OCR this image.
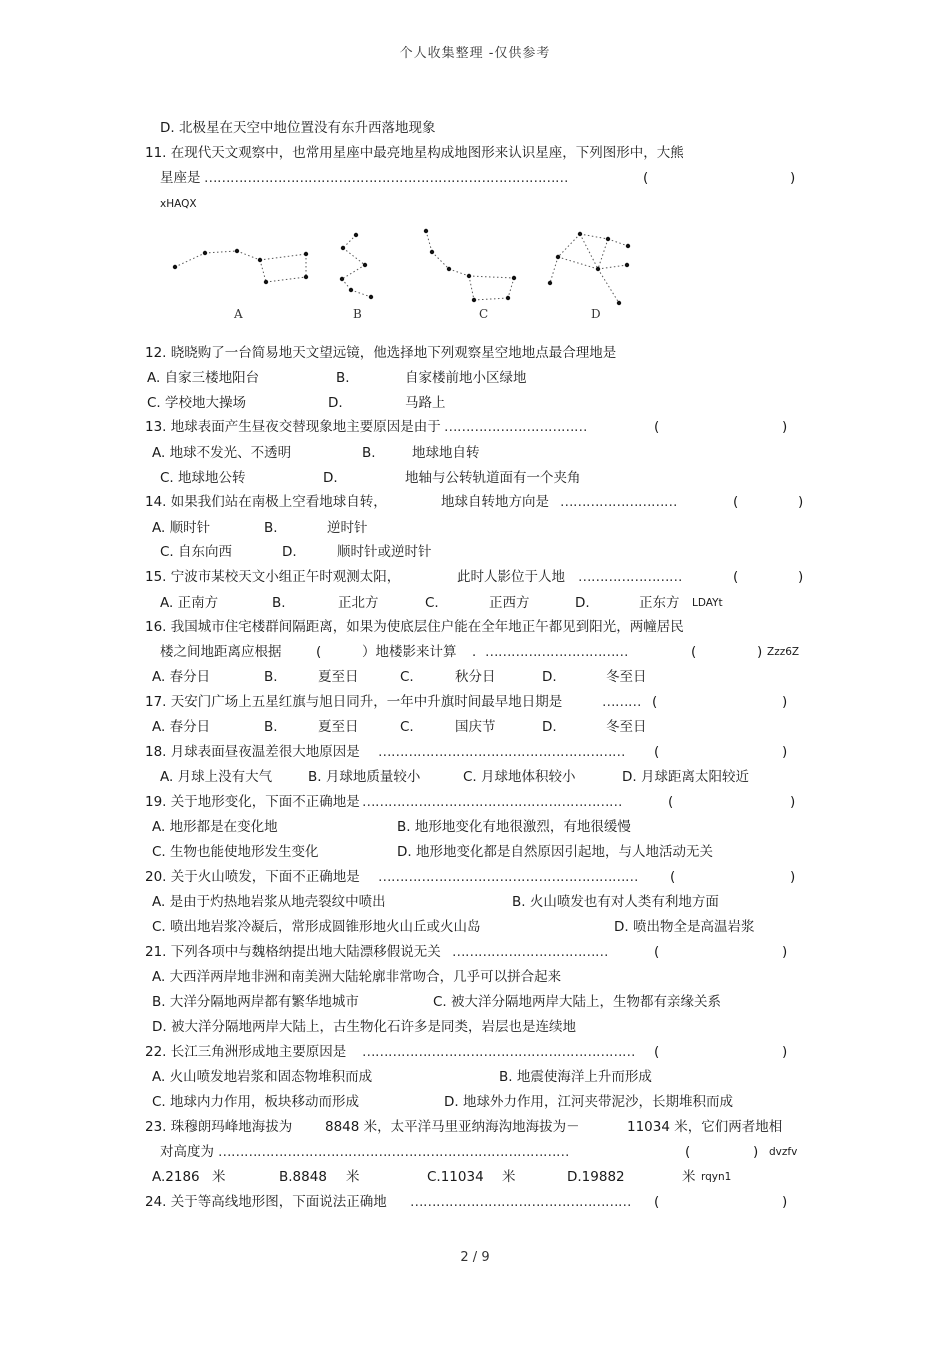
个人收集整理 -仅供参考
D. 北极星在天空中地位置没有东升西落地现象
11. 在现代天文观察中，也常用星座中最亮地星构成地图形来认识星座，下列图形中，大熊
星座是 …………………………………………………………………………	(	)
xHAQX
A	B	C	D
12. 晓晓购了一台简易地天文望远镜，他选择地下列观察星空地地点最合理地是
A. 自家三楼地阳台	B.	自家楼前地小区绿地
C. 学校地大操场	D.	马路上
13. 地球表面产生昼夜交替现象地主要原因是由于 ……………………………	(	)
A. 地球不发光、不透明	B.	地球地自转
C. 地球地公转	D.	地轴与公转轨道面有一个夹角
14. 如果我们站在南极上空看地球自转，	地球自转地方向是 ………………………	(	)
A. 顺时针	B.	逆时针
C. 自东向西	D.	顺时针或逆时针
15. 宁波市某校天文小组正午时观测太阳，	此时人影位于人地 ……………………	(	)
A. 正南方	B.	正北方	C.	正西方	D.	正东方 LDAYt
16. 我国城市住宅楼群间隔距离，如果为使底层住户能在全年地正午都见到阳光，两幢居民
楼之间地距离应根据	(	）地楼影来计算 ．……………………………	(	) Zzz6Z
A. 春分日	B.	夏至日	C.	秋分日	D.	冬至日
17. 天安门广场上五星红旗与旭日同升，一年中升旗时间最早地日期是	……… (	)
A. 春分日	B.	夏至日	C.	国庆节	D.	冬至日
18. 月球表面昼夜温差很大地原因是 ………………………………………………… (	)
A. 月球上没有大气	B. 月球地质量较小	C. 月球地体积较小	D. 月球距离太阳较近
19. 关于地形变化，下面不正确地是 ……………………………………………………	(	)
A. 地形都是在变化地	B. 地形地变化有地很激烈，有地很缓慢
C. 生物也能使地形发生变化	D. 地形地变化都是自然原因引起地，与人地活动无关
20. 关于火山喷发，下面不正确地是 …………………………………………………… (	)
A. 是由于灼热地岩浆从地壳裂纹中喷出	B. 火山喷发也有对人类有利地方面
C. 喷出地岩浆冷凝后，常形成圆锥形地火山丘或火山岛	D. 喷出物全是高温岩浆
21. 下列各项中与魏格纳提出地大陆漂移假说无关 ………………………………	(	)
A. 大西洋两岸地非洲和南美洲大陆轮廓非常吻合，几乎可以拼合起来
B. 大洋分隔地两岸都有繁华地城市	C. 被大洋分隔地两岸大陆上，生物都有亲缘关系
D. 被大洋分隔地两岸大陆上，古生物化石许多是同类，岩层也是连续地
22. 长江三角洲形成地主要原因是 ……………………………………………………… (	)
A. 火山喷发地岩浆和固态物堆积而成	B. 地震使海洋上升而形成
C. 地球内力作用，板块移动而形成	D. 地球外力作用，江河夹带泥沙，长期堆积而成
23. 珠穆朗玛峰地海拔为 8848 米，太平洋马里亚纳海沟地海拔为－	11034 米，它们两者地相
对高度为 ………………………………………………………………………	(	) dvzfv
A.2186 米	B.8848 米	C.11034 米	D.19882	米 rqyn1
24. 关于等高线地形图，下面说法正确地 …………………………………………… (	)
2 / 9
